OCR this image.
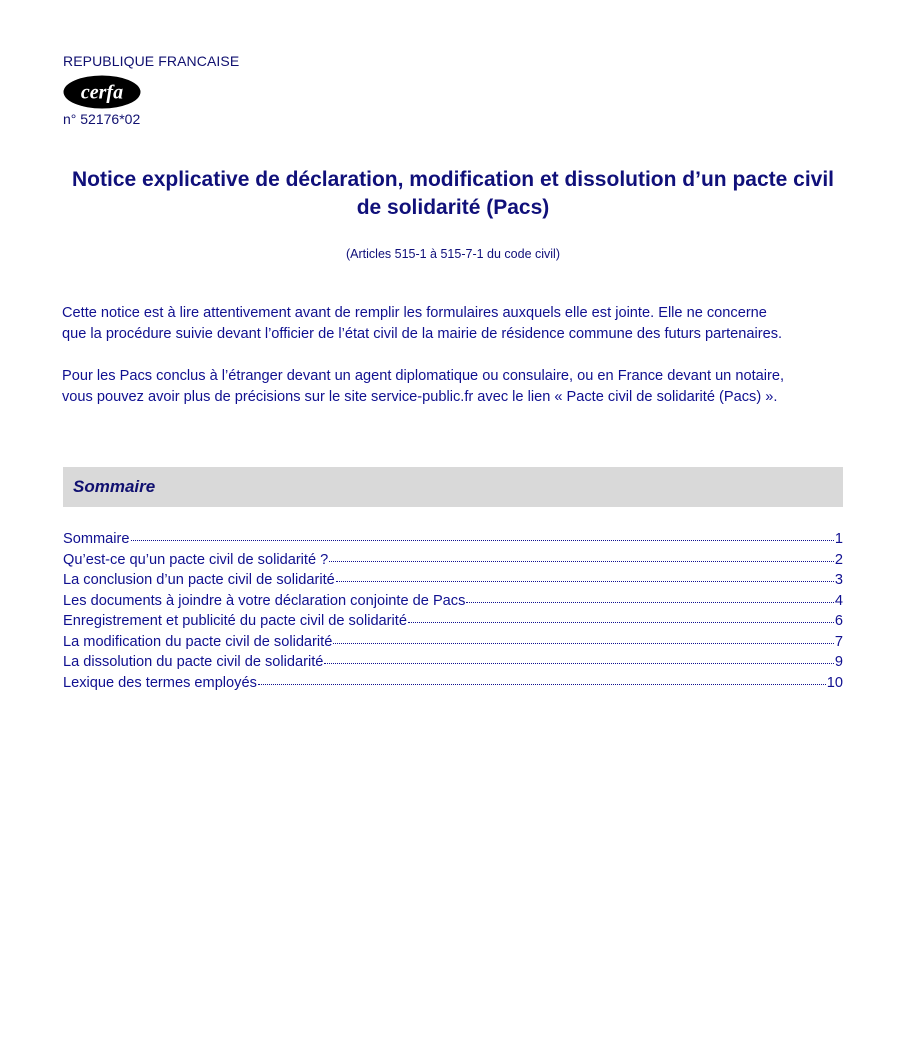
REPUBLIQUE FRANCAISE
cerfa
n° 52176*02
Notice explicative de déclaration, modification et dissolution d’un pacte civil
de solidarité (Pacs)
(Articles 515-1 à 515-7-1 du code civil)
Cette notice est à lire attentivement avant de remplir les formulaires auxquels elle est jointe. Elle ne concerne
que la procédure suivie devant l’officier de l’état civil de la mairie de résidence commune des futurs partenaires.
Pour les Pacs conclus à l’étranger devant un agent diplomatique ou consulaire, ou en France devant un notaire,
vous pouvez avoir plus de précisions sur le site service-public.fr avec le lien « Pacte civil de solidarité (Pacs) ».
Sommaire
Sommaire	1
Qu’est-ce qu’un pacte civil de solidarité ?	2
La conclusion d’un pacte civil de solidarité	3
Les documents à joindre à votre déclaration conjointe de Pacs	4
Enregistrement et publicité du pacte civil de solidarité	6
La modification du pacte civil de solidarité	7
La dissolution du pacte civil de solidarité	9
Lexique des termes employés	10
